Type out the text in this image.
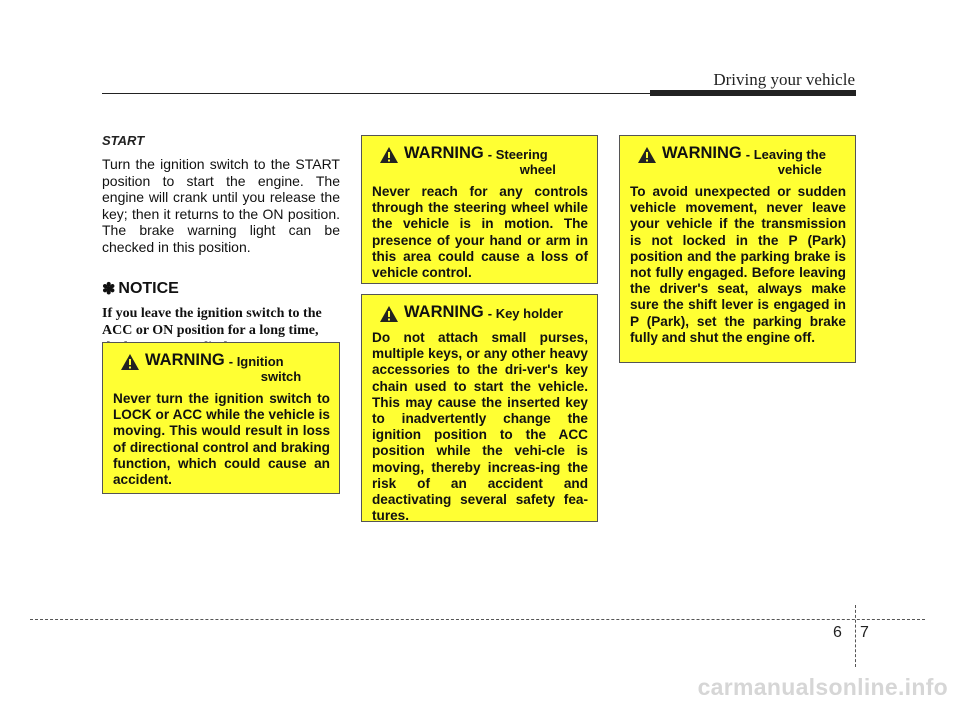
Driving your vehicle

START

Turn the ignition switch to the START position to start the engine. The engine will crank until you release the key; then it returns to the ON position. The brake warning light can be checked in this position.

✽ NOTICE

If you leave the ignition switch to the ACC or ON position for a long time,

WARNING - Ignition
switch

Never turn the ignition switch to LOCK or ACC while the vehicle is moving. This would result in loss of directional control and braking function, which could cause an accident.

WARNING - Steering
wheel

Never reach for any controls through the steering wheel while the vehicle is in motion. The presence of your hand or arm in this area could cause a loss of vehicle control.

WARNING - Key holder

Do not attach small purses, multiple keys, or any other heavy accessories to the dri-ver's key chain used to start the vehicle. This may cause the inserted key to inadvertently change the ignition position to the ACC position while the vehi-cle is moving, thereby increas-ing the risk of an accident and deactivating several safety fea-tures.

WARNING - Leaving the
vehicle

To avoid unexpected or sudden vehicle movement, never leave your vehicle if the transmission is not locked in the P (Park) position and the parking brake is not fully engaged. Before leaving the driver's seat, always make sure the shift lever is engaged in P (Park), set the parking brake fully and shut the engine off.

6 7
carmanualsonline.info
